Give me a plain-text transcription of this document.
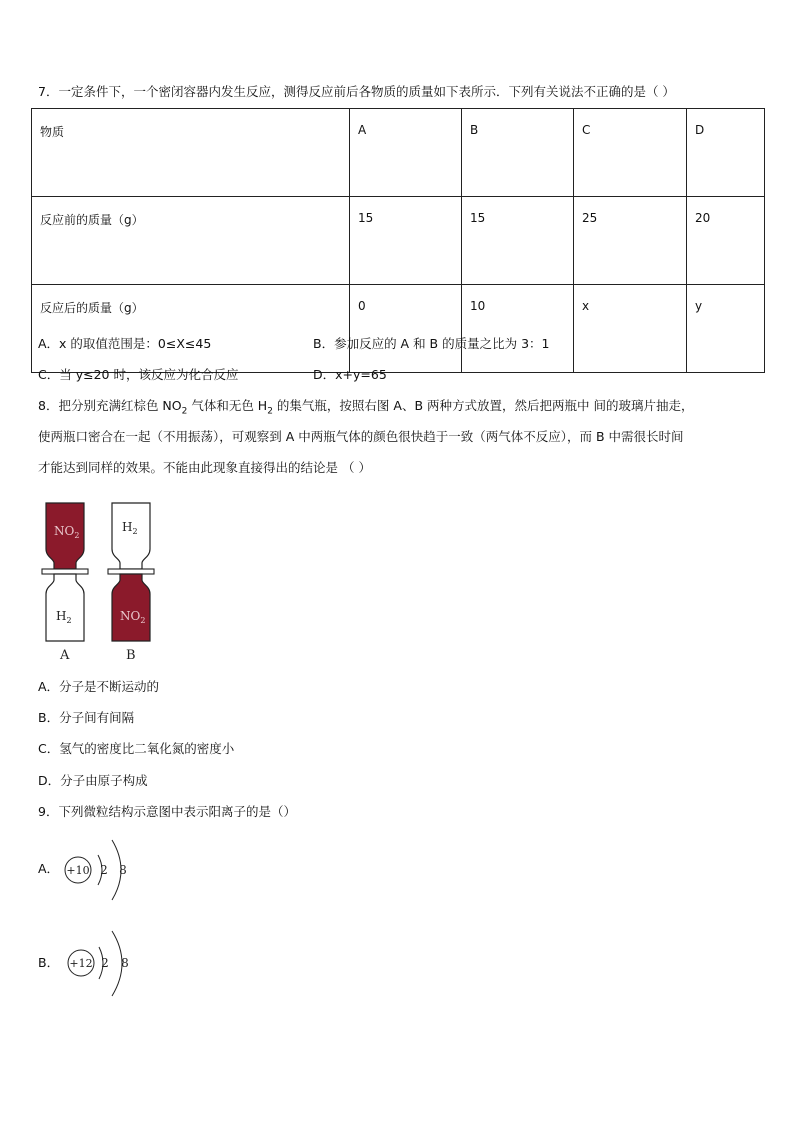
7．一定条件下，一个密闭容器内发生反应，测得反应前后各物质的质量如下表所示．下列有关说法不正确的是（ ）
物质	A	B	C	D
反应前的质量（g）	15	15	25	20
反应后的质量（g）	0	10	x	y
A．x 的取值范围是：0≤X≤45	B．参加反应的 A 和 B 的质量之比为 3：1
C．当 y≤20 时，该反应为化合反应	D．x+y=65
8．把分别充满红棕色 $NO_2$ 气体和无色 $H_2$ 的集气瓶，按照右图 A、B 两种方式放置，然后把两瓶中 间的玻璃片抽走，
使两瓶口密合在一起（不用振荡），可观察到 A 中两瓶气体的颜色很快趋于一致（两气体不反应），而 B 中需很长时间
才能达到同样的效果。不能由此现象直接得出的结论是 （ ）
$NO_2$
$H_2$
A
$H_2$
$NO_2$
B
A．分子是不断运动的
B．分子间有间隔
C．氢气的密度比二氧化氮的密度小
D．分子由原子构成
9．下列微粒结构示意图中表示阳离子的是（）
A． +10 2 8
B． +12 2 8
